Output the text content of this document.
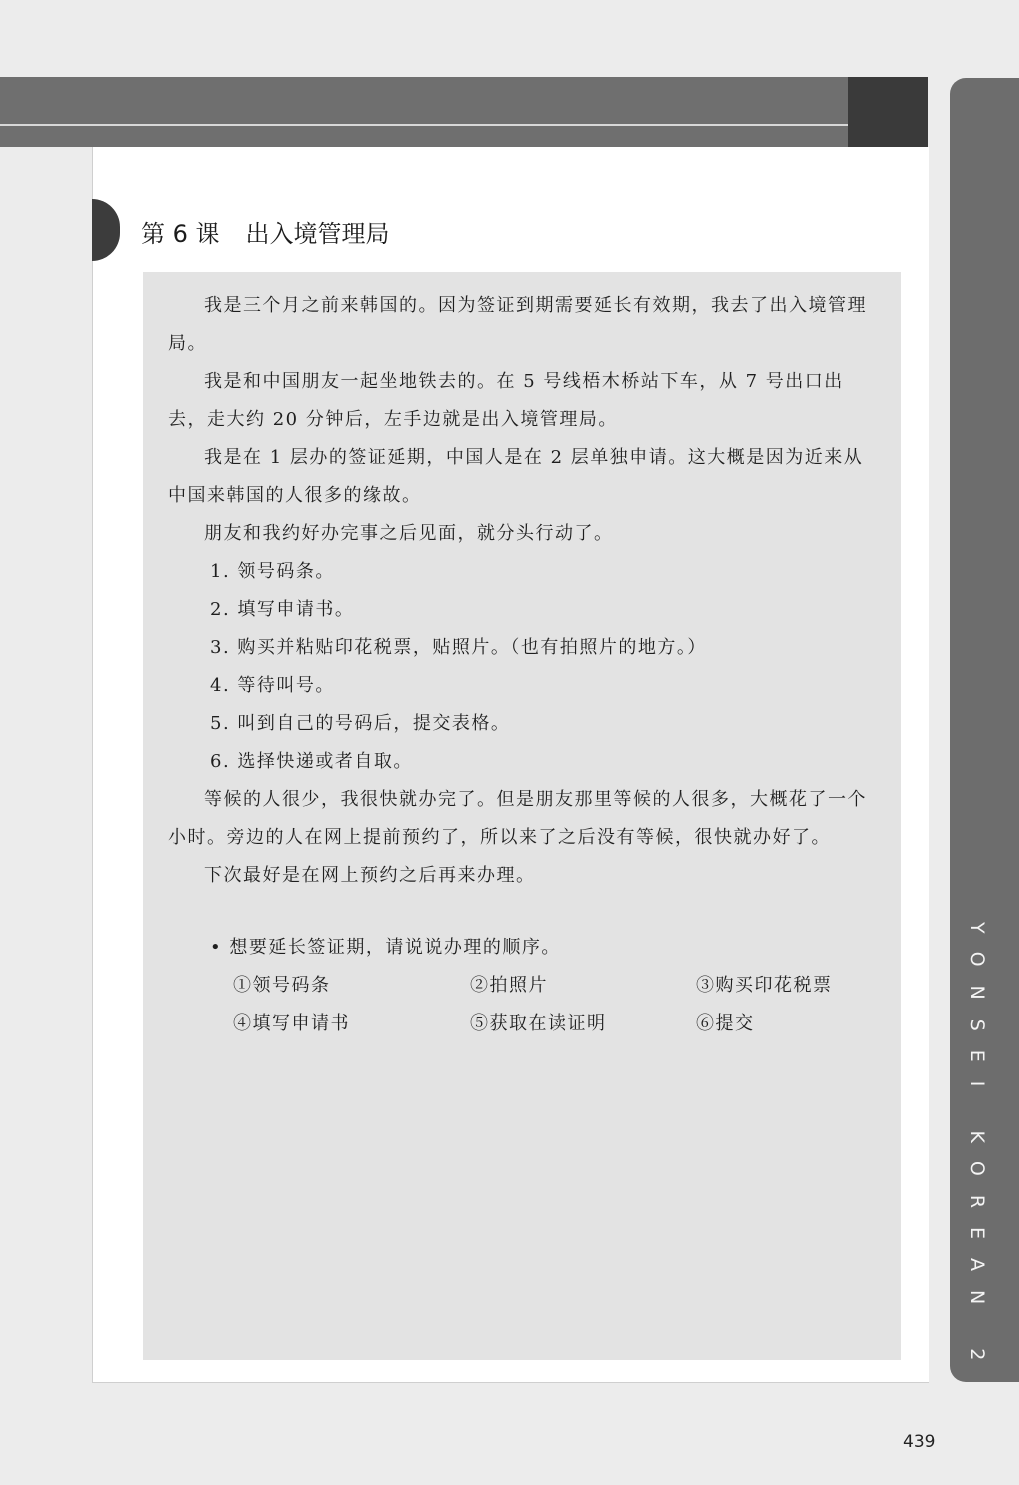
YONSEI KOREAN 2
第 6 课 出入境管理局

我是三个月之前来韩国的。因为签证到期需要延长有效期，我去了出入境管理局。

我是和中国朋友一起坐地铁去的。在 5 号线梧木桥站下车，从 7 号出口出去，走大约 20 分钟后，左手边就是出入境管理局。

我是在 1 层办的签证延期，中国人是在 2 层单独申请。这大概是因为近来从中国来韩国的人很多的缘故。

朋友和我约好办完事之后见面，就分头行动了。

1. 领号码条。

2. 填写申请书。

3. 购买并粘贴印花税票，贴照片。（也有拍照片的地方。）

4. 等待叫号。

5. 叫到自己的号码后，提交表格。

6. 选择快递或者自取。

等候的人很少，我很快就办完了。但是朋友那里等候的人很多，大概花了一个小时。旁边的人在网上提前预约了，所以来了之后没有等候，很快就办好了。

下次最好是在网上预约之后再来办理。

• 想要延长签证期，请说说办理的顺序。

①领号码条	②拍照片	③购买印花税票
④填写申请书	⑤获取在读证明	⑥提交
439
